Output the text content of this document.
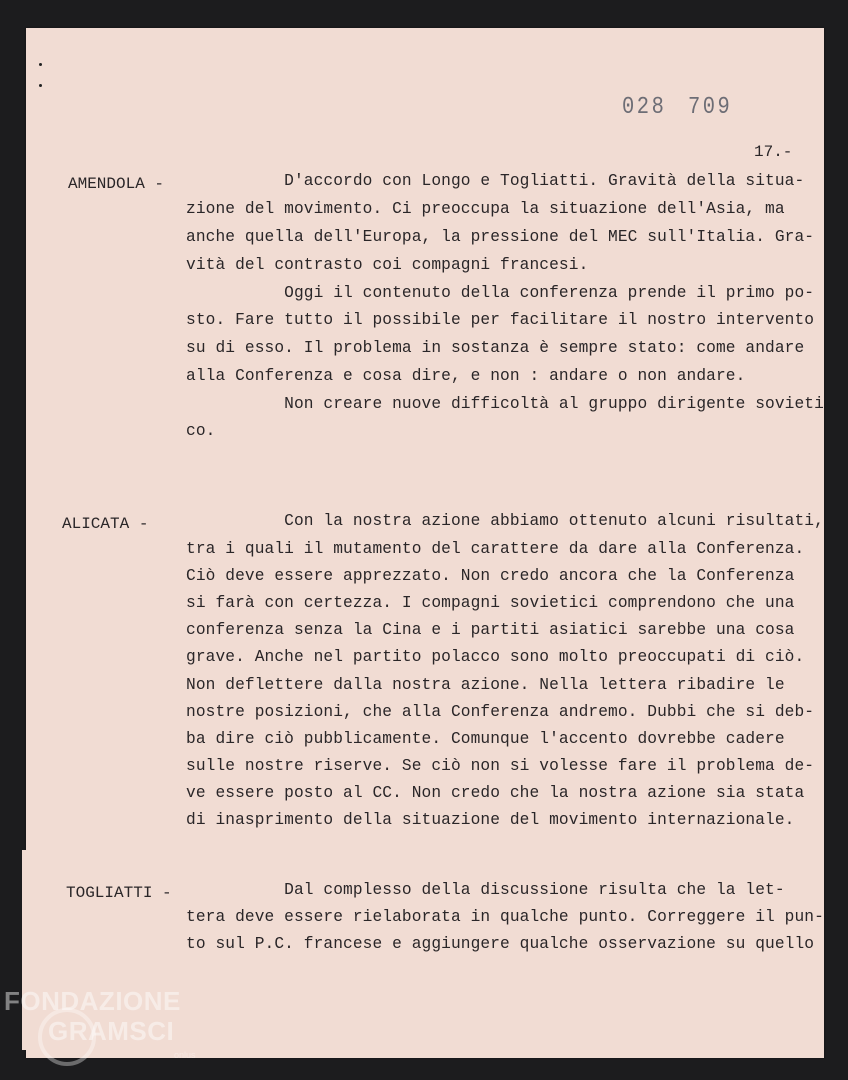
028 709
17.-
AMENDOLA - D'accordo con Longo e Togliatti. Gravità della situa-
zione del movimento. Ci preoccupa la situazione dell'Asia, ma
anche quella dell'Europa, la pressione del MEC sull'Italia. Gra-
vità del contrasto coi compagni francesi.
Oggi il contenuto della conferenza prende il primo po-
sto. Fare tutto il possibile per facilitare il nostro intervento
su di esso. Il problema in sostanza è sempre stato: come andare
alla Conferenza e cosa dire, e non : andare o non andare.
Non creare nuove difficoltà al gruppo dirigente sovieti
co.
ALICATA - Con la nostra azione abbiamo ottenuto alcuni risultati,
tra i quali il mutamento del carattere da dare alla Conferenza.
Ciò deve essere apprezzato. Non credo ancora che la Conferenza
si farà con certezza. I compagni sovietici comprendono che una
conferenza senza la Cina e i partiti asiatici sarebbe una cosa
grave. Anche nel partito polacco sono molto preoccupati di ciò.
Non deflettere dalla nostra azione. Nella lettera ribadire le
nostre posizioni, che alla Conferenza andremo. Dubbi che si deb-
ba dire ciò pubblicamente. Comunque l'accento dovrebbe cadere
sulle nostre riserve. Se ciò non si volesse fare il problema de-
ve essere posto al CC. Non credo che la nostra azione sia stata
di inasprimento della situazione del movimento internazionale.
TOGLIATTI - Dal complesso della discussione risulta che la let-
tera deve essere rielaborata in qualche punto. Correggere il pun-
to sul P.C. francese e aggiungere qualche osservazione su quello
FONDAZIONE
GRAMSCI
onlus
